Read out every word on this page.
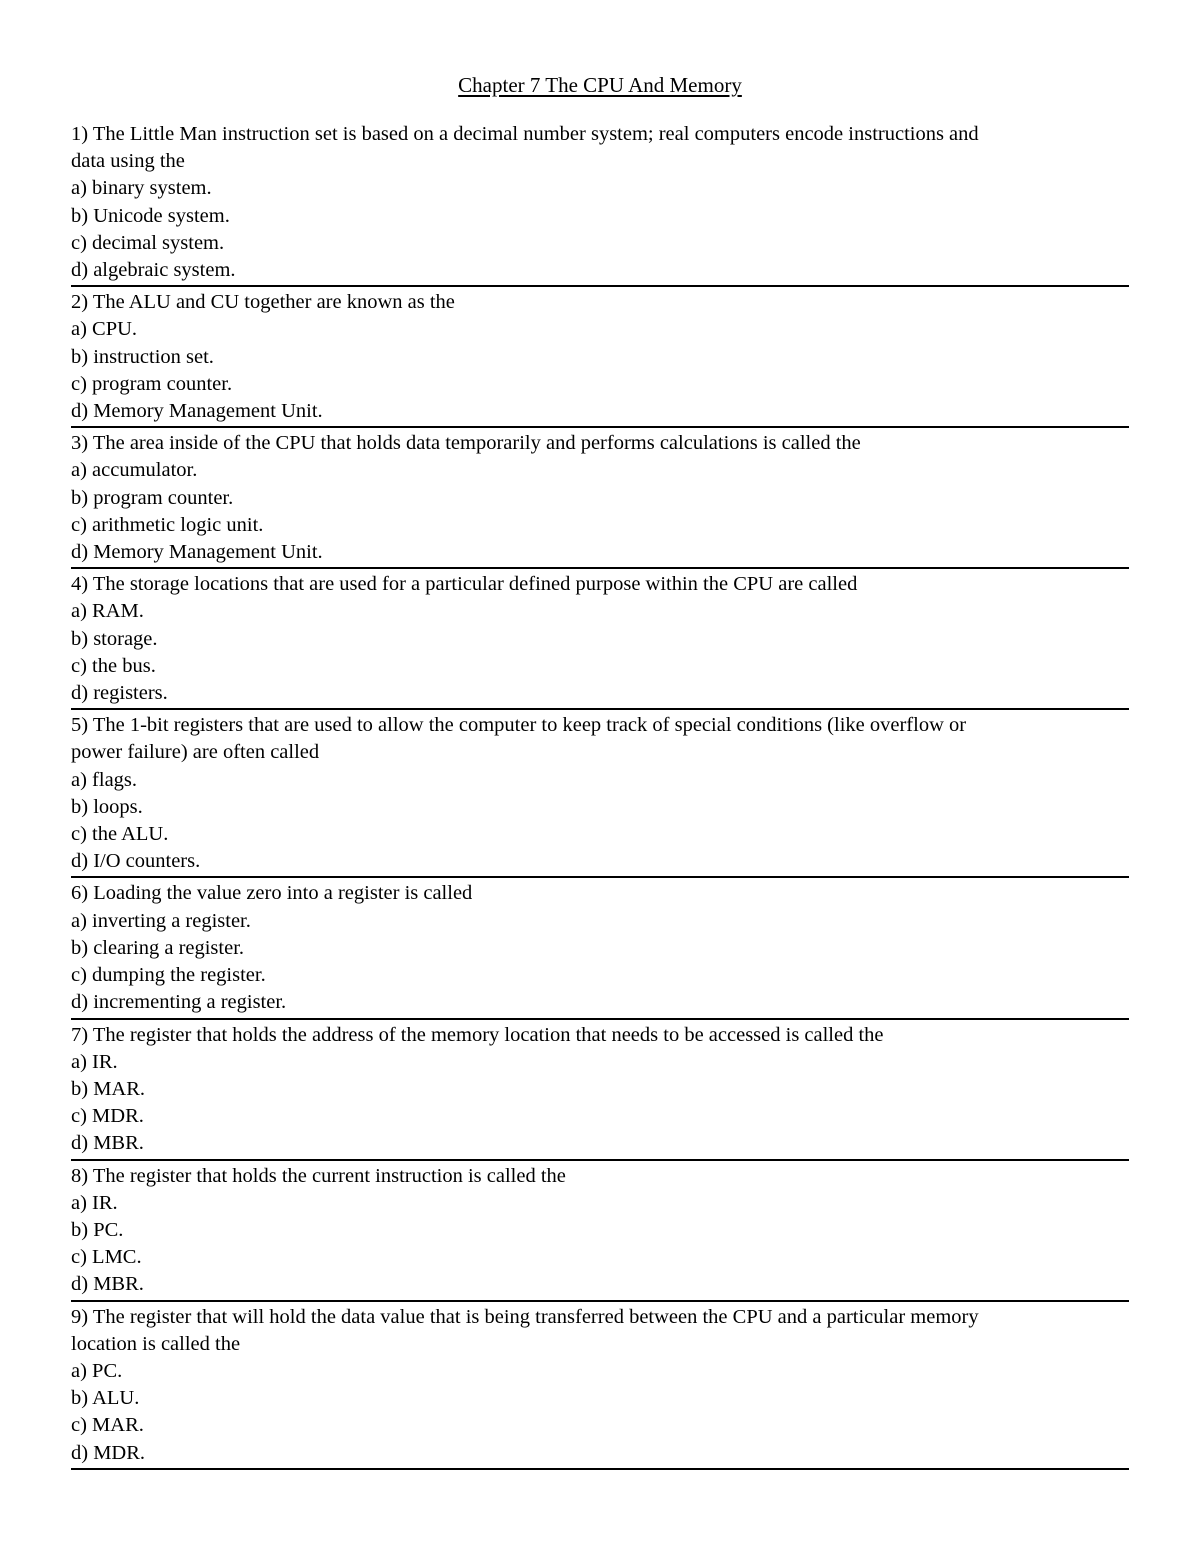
Chapter 7 The CPU And Memory
1) The Little Man instruction set is based on a decimal number system; real computers encode instructions and
data using the
a) binary system.
b) Unicode system.
c) decimal system.
d) algebraic system.
2) The ALU and CU together are known as the
a) CPU.
b) instruction set.
c) program counter.
d) Memory Management Unit.
3) The area inside of the CPU that holds data temporarily and performs calculations is called the
a) accumulator.
b) program counter.
c) arithmetic logic unit.
d) Memory Management Unit.
4) The storage locations that are used for a particular defined purpose within the CPU are called
a) RAM.
b) storage.
c) the bus.
d) registers.
5) The 1-bit registers that are used to allow the computer to keep track of special conditions (like overflow or
power failure) are often called
a) flags.
b) loops.
c) the ALU.
d) I/O counters.
6) Loading the value zero into a register is called
a) inverting a register.
b) clearing a register.
c) dumping the register.
d) incrementing a register.
7) The register that holds the address of the memory location that needs to be accessed is called the
a) IR.
b) MAR.
c) MDR.
d) MBR.
8) The register that holds the current instruction is called the
a) IR.
b) PC.
c) LMC.
d) MBR.
9) The register that will hold the data value that is being transferred between the CPU and a particular memory
location is called the
a) PC.
b) ALU.
c) MAR.
d) MDR.
